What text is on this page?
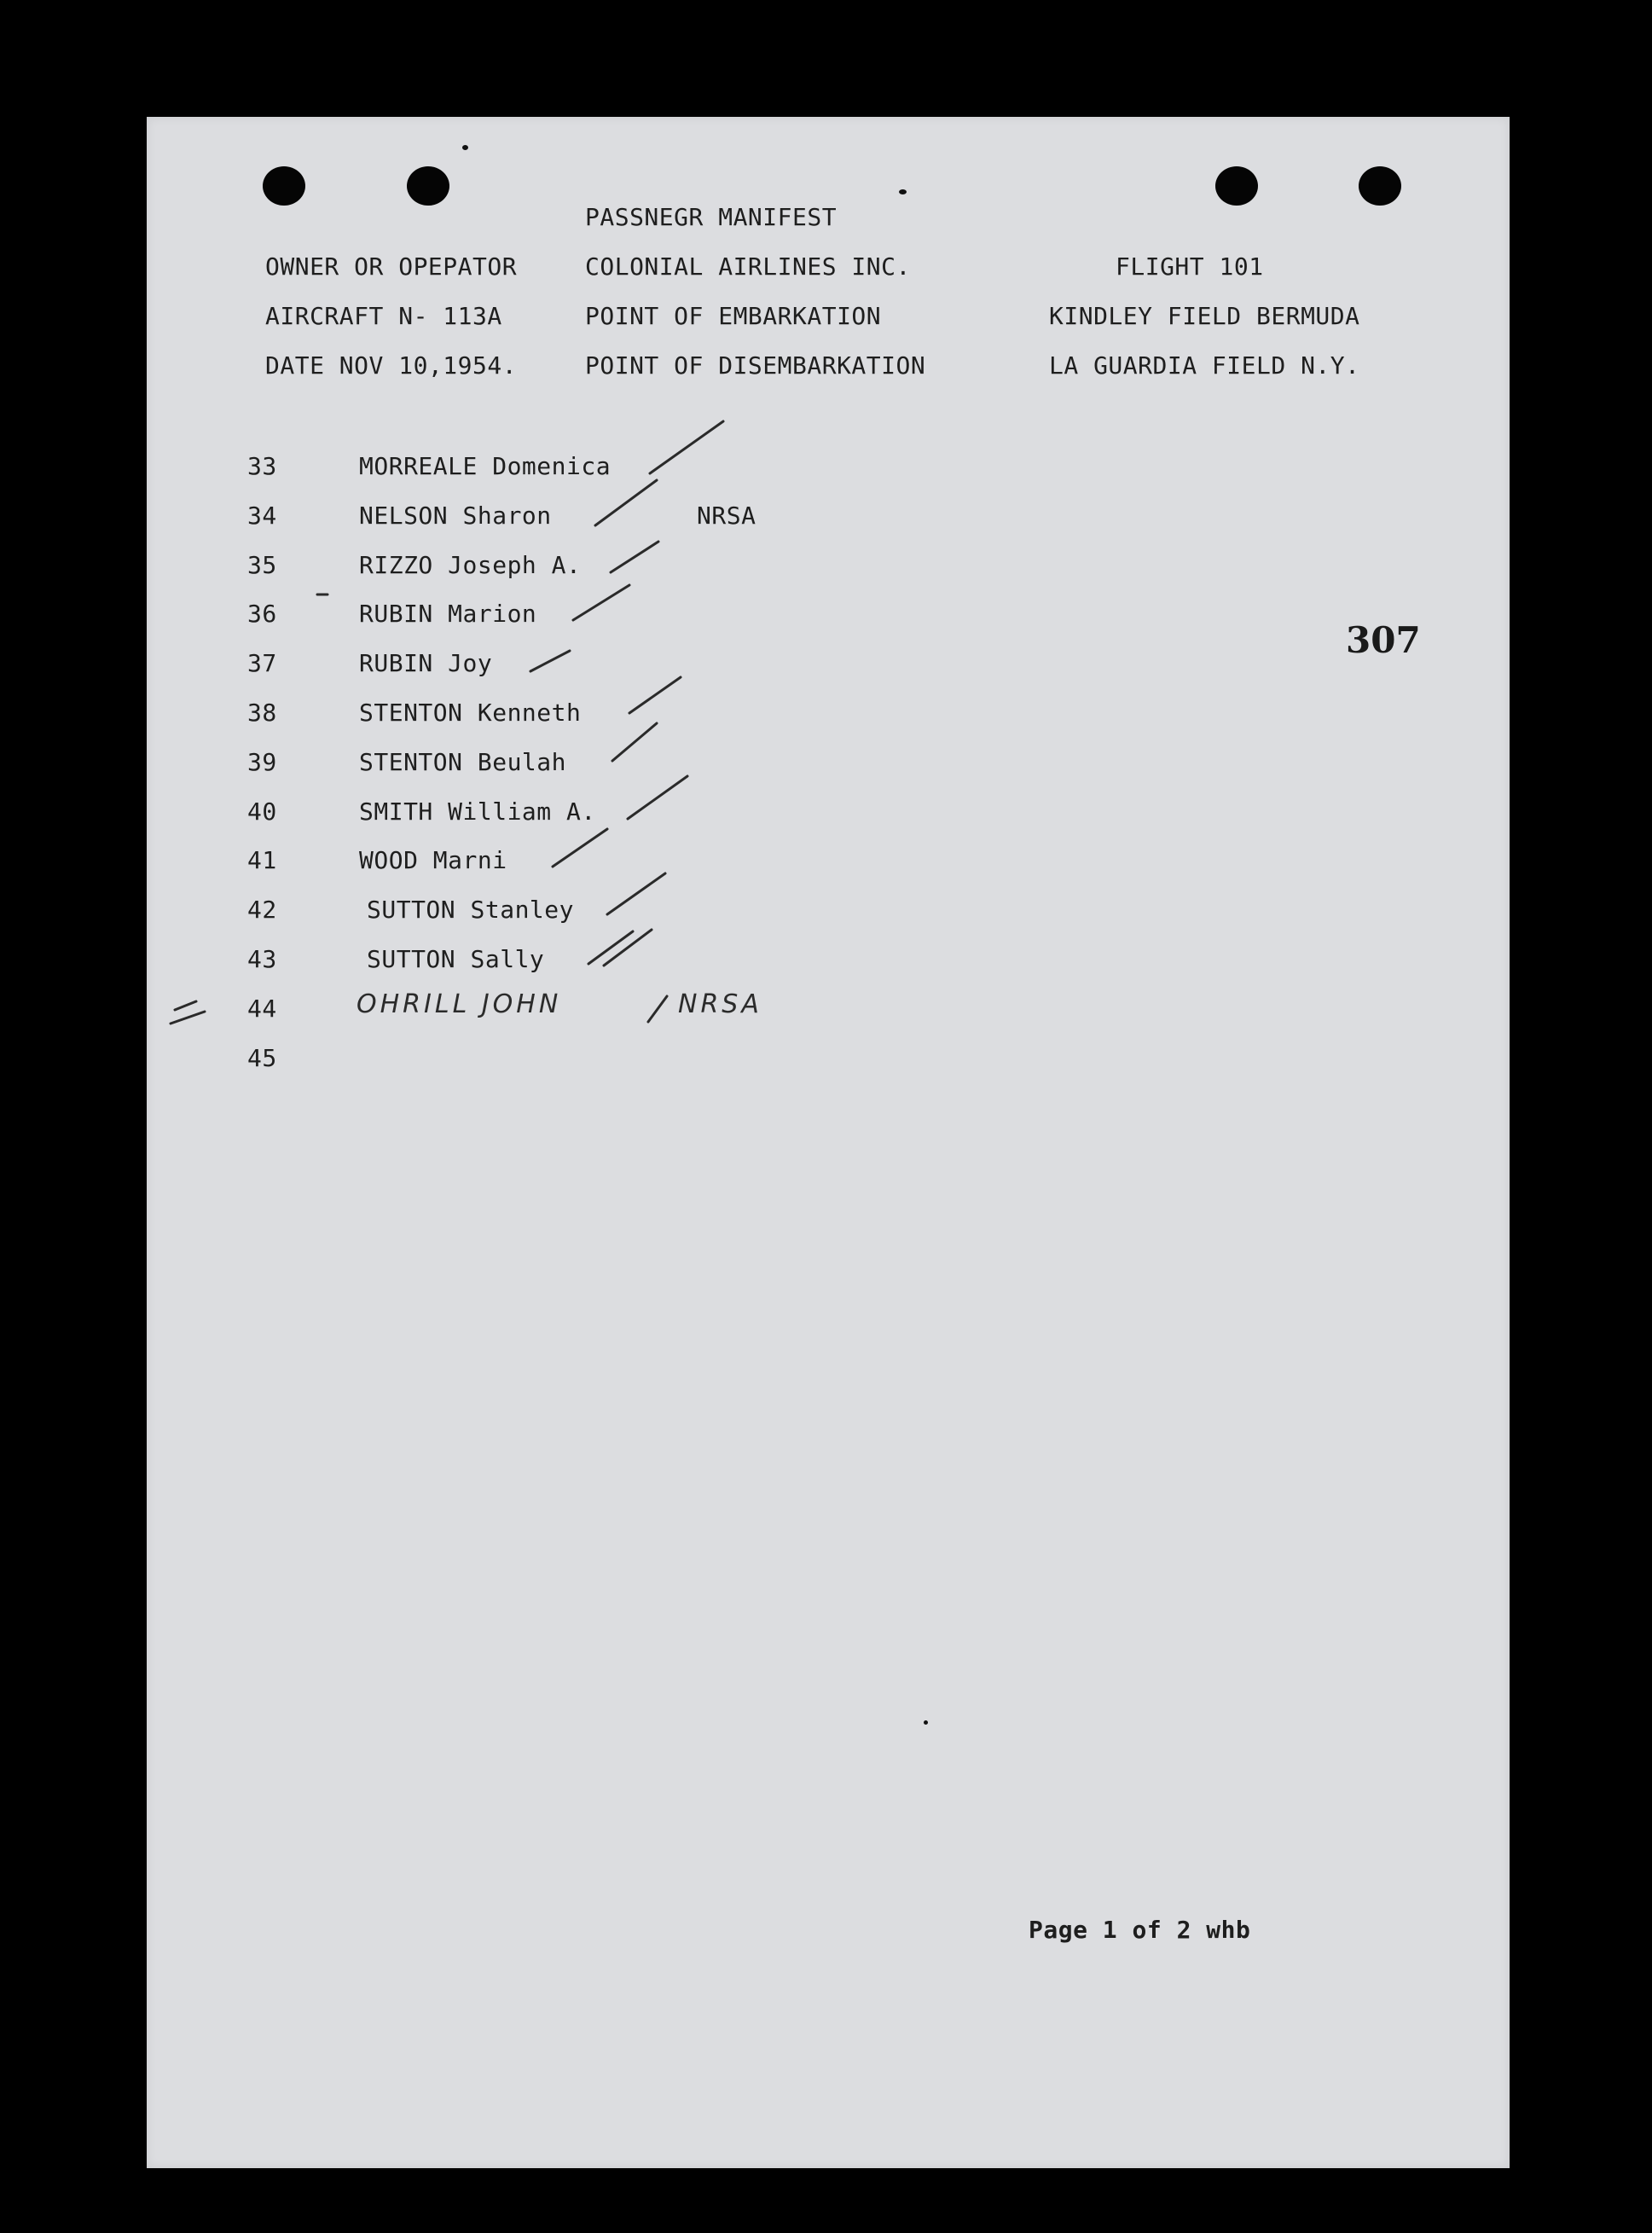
PASSNEGR MANIFEST
OWNER OR OPEPATOR	COLONIAL AIRLINES INC.	FLIGHT 101
AIRCRAFT N- 113A	POINT OF EMBARKATION	KINDLEY FIELD BERMUDA
DATE NOV 10,1954.	POINT OF DISEMBARKATION	LA GUARDIA FIELD N.Y.
307
33	MORREALE Domenica
34	NELSON Sharon	NRSA
35	RIZZO Joseph A.
36	RUBIN Marion
37	RUBIN Joy
38	STENTON Kenneth
39	STENTON Beulah
40	SMITH William A.
41	WOOD Marni
42	SUTTON Stanley
43	SUTTON Sally
44	OHRILL JOHN	NRSA
45
Page 1 of 2 whb
